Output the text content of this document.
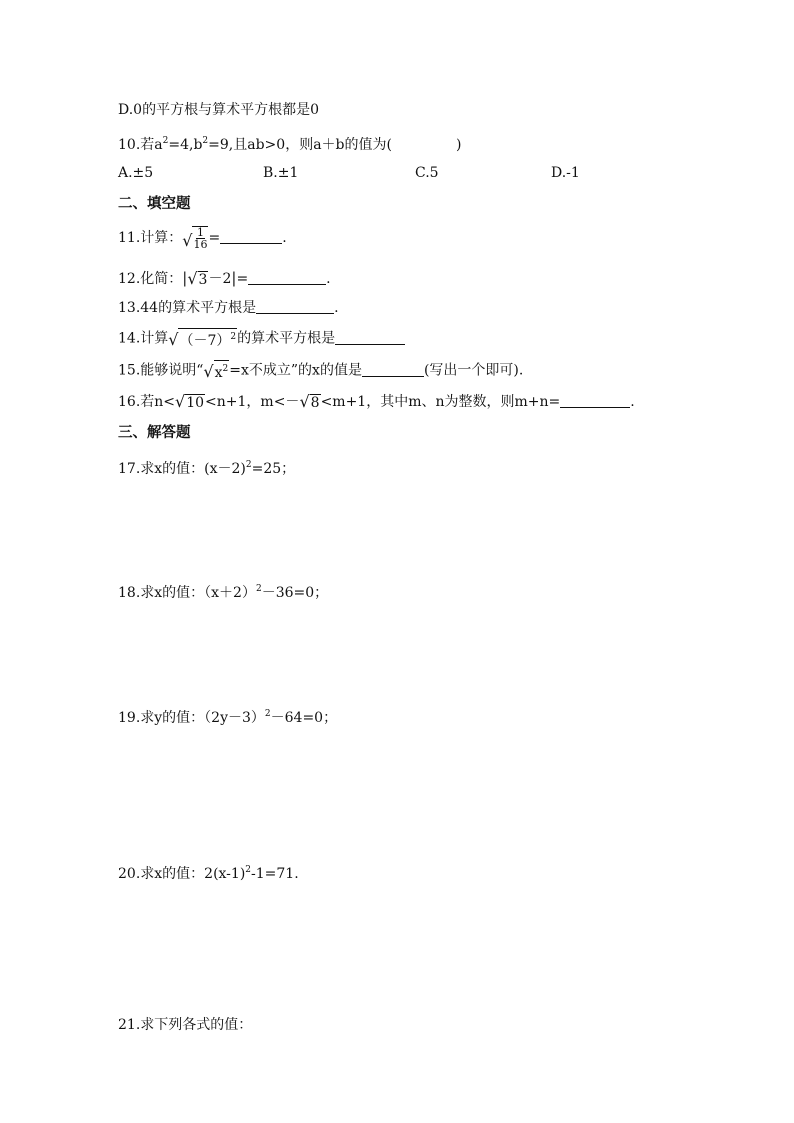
D.0的平方根与算术平方根都是0
10.若$a^2=4,b^2=9$,且ab>0，则a＋b的值为(	)
A.±5	B.±1	C.5	D.-1
二、填空题
11.计算： √ $\frac{1}{16}$ =	.
12.化简：| √ 3 －2|=	.
13.44的算术平方根是	.
14.计算 √ $(-7)^2$ 的算术平方根是
15.能够说明“ √ $x^2 =x$不成立”的x的值是	(写出一个即可).
16.若n< √ 10 <n+1，m<－ √ 8 <m+1，其中m、n为整数，则m+n=	.
三、解答题
17.求x的值：$(x-2)^2=25$；
18.求x的值：$(x+2)^2-36=0$；
19.求y的值：$(2y-3)^2-64=0$；
20.求x的值：$2(x-1)^2-1=71$.
21.求下列各式的值：
